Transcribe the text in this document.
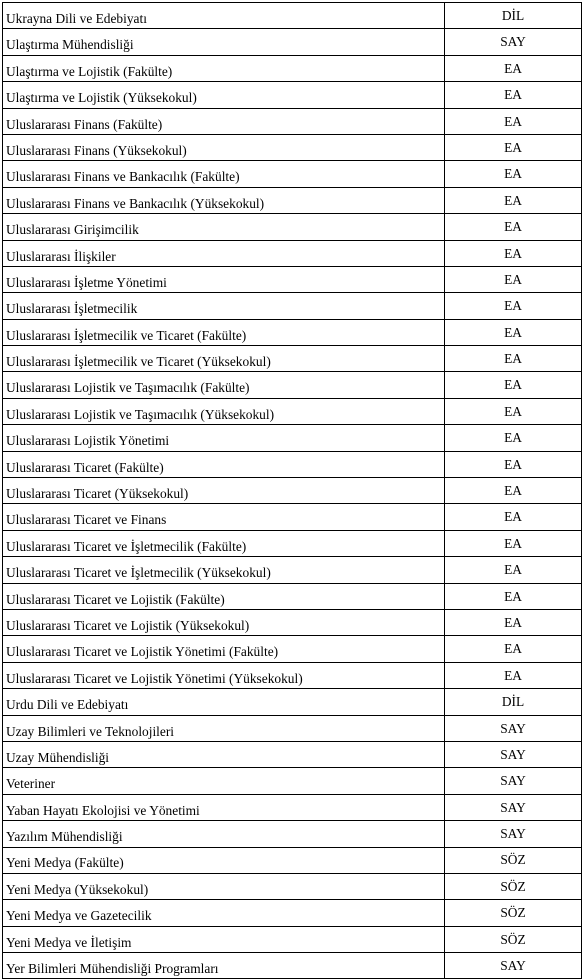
Ukrayna Dili ve Edebiyatı	DİL
Ulaştırma Mühendisliği	SAY
Ulaştırma ve Lojistik (Fakülte)	EA
Ulaştırma ve Lojistik (Yüksekokul)	EA
Uluslararası Finans (Fakülte)	EA
Uluslararası Finans (Yüksekokul)	EA
Uluslararası Finans ve Bankacılık (Fakülte)	EA
Uluslararası Finans ve Bankacılık (Yüksekokul)	EA
Uluslararası Girişimcilik	EA
Uluslararası İlişkiler	EA
Uluslararası İşletme Yönetimi	EA
Uluslararası İşletmecilik	EA
Uluslararası İşletmecilik ve Ticaret (Fakülte)	EA
Uluslararası İşletmecilik ve Ticaret (Yüksekokul)	EA
Uluslararası Lojistik ve Taşımacılık (Fakülte)	EA
Uluslararası Lojistik ve Taşımacılık (Yüksekokul)	EA
Uluslararası Lojistik Yönetimi	EA
Uluslararası Ticaret (Fakülte)	EA
Uluslararası Ticaret (Yüksekokul)	EA
Uluslararası Ticaret ve Finans	EA
Uluslararası Ticaret ve İşletmecilik (Fakülte)	EA
Uluslararası Ticaret ve İşletmecilik (Yüksekokul)	EA
Uluslararası Ticaret ve Lojistik (Fakülte)	EA
Uluslararası Ticaret ve Lojistik (Yüksekokul)	EA
Uluslararası Ticaret ve Lojistik Yönetimi (Fakülte)	EA
Uluslararası Ticaret ve Lojistik Yönetimi (Yüksekokul)	EA
Urdu Dili ve Edebiyatı	DİL
Uzay Bilimleri ve Teknolojileri	SAY
Uzay Mühendisliği	SAY
Veteriner	SAY
Yaban Hayatı Ekolojisi ve Yönetimi	SAY
Yazılım Mühendisliği	SAY
Yeni Medya (Fakülte)	SÖZ
Yeni Medya (Yüksekokul)	SÖZ
Yeni Medya ve Gazetecilik	SÖZ
Yeni Medya ve İletişim	SÖZ
Yer Bilimleri Mühendisliği Programları	SAY
